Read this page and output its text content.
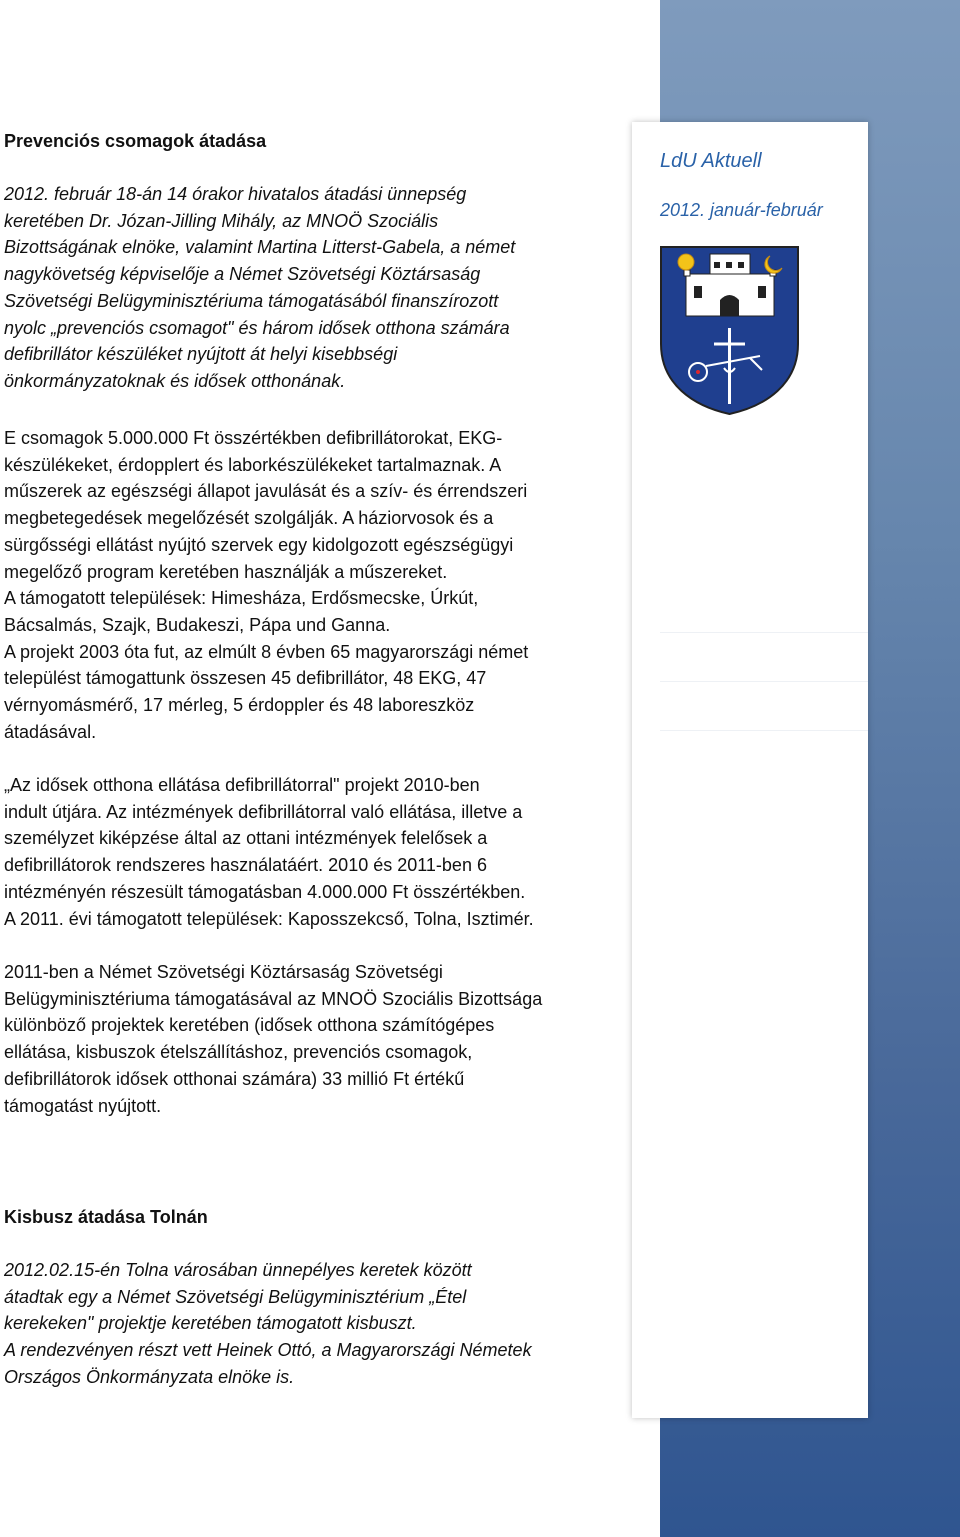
LdU Aktuell
2012. január-február
Prevenciós csomagok átadása

2012. február 18-án 14 órakor hivatalos átadási ünnepség

keretében Dr. Józan-Jilling Mihály, az MNOÖ Szociális

Bizottságának elnöke, valamint Martina Litterst-Gabela, a német

nagykövetség képviselője a Német Szövetségi Köztársaság

Szövetségi Belügyminisztériuma támogatásából finanszírozott

nyolc „prevenciós csomagot" és három idősek otthona számára

defibrillátor készüléket nyújtott át helyi kisebbségi

önkormányzatoknak és idősek otthonának.

E csomagok 5.000.000 Ft összértékben defibrillátorokat, EKG-

készülékeket, érdopplert és laborkészülékeket tartalmaznak. A

műszerek az egészségi állapot javulását és a szív- és érrendszeri

megbetegedések megelőzését szolgálják. A háziorvosok és a

sürgősségi ellátást nyújtó szervek egy kidolgozott egészségügyi

megelőző program keretében használják a műszereket.

A támogatott települések: Himesháza, Erdősmecske, Úrkút,

Bácsalmás, Szajk, Budakeszi, Pápa und Ganna.

A projekt 2003 óta fut, az elmúlt 8 évben 65 magyarországi német

települést támogattunk összesen 45 defibrillátor, 48 EKG, 47

vérnyomásmérő, 17 mérleg, 5 érdoppler és 48 laboreszköz

átadásával.

„Az idősek otthona ellátása defibrillátorral" projekt 2010-ben

indult útjára. Az intézmények defibrillátorral való ellátása, illetve a

személyzet kiképzése által az ottani intézmények felelősek a

defibrillátorok rendszeres használatáért. 2010 és 2011-ben 6

intézményén részesült támogatásban 4.000.000 Ft összértékben.

A 2011. évi támogatott települések: Kaposszekcső, Tolna, Isztimér.

2011-ben a Német Szövetségi Köztársaság Szövetségi

Belügyminisztériuma támogatásával az MNOÖ Szociális Bizottsága

különböző projektek keretében (idősek otthona számítógépes

ellátása, kisbuszok ételszállításhoz, prevenciós csomagok,

defibrillátorok idősek otthonai számára) 33 millió Ft értékű

támogatást nyújtott.

Kisbusz átadása Tolnán

2012.02.15-én Tolna városában ünnepélyes keretek között

átadtak egy a Német Szövetségi Belügyminisztérium „Étel

kerekeken" projektje keretében támogatott kisbuszt.

A rendezvényen részt vett Heinek Ottó, a Magyarországi Németek

Országos Önkormányzata elnöke is.
